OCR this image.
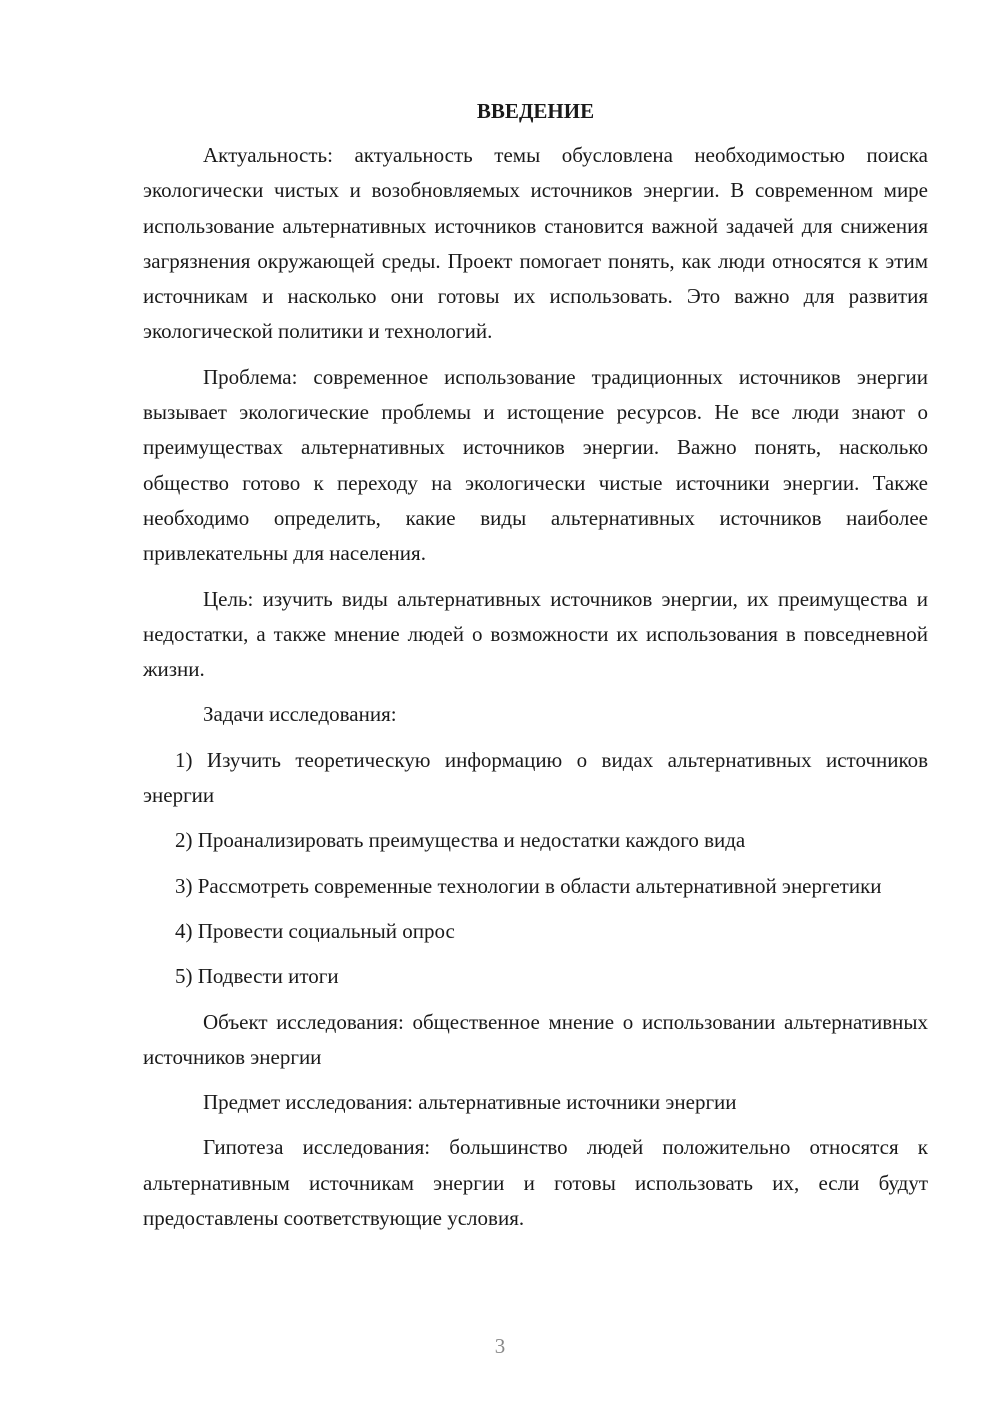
ВВЕДЕНИЕ

Актуальность: актуальность темы обусловлена необходимостью поиска экологически чистых и возобновляемых источников энергии. В современном мире использование альтернативных источников становится важной задачей для снижения загрязнения окружающей среды. Проект помогает понять, как люди относятся к этим источникам и насколько они готовы их использовать. Это важно для развития экологической политики и технологий.

Проблема: современное использование традиционных источников энергии вызывает экологические проблемы и истощение ресурсов. Не все люди знают о преимуществах альтернативных источников энергии. Важно понять, насколько общество готово к переходу на экологически чистые источники энергии. Также необходимо определить, какие виды альтернативных источников наиболее привлекательны для населения.

Цель: изучить виды альтернативных источников энергии, их преимущества и недостатки, а также мнение людей о возможности их использования в повседневной жизни.

Задачи исследования:

1) Изучить теоретическую информацию о видах альтернативных источников энергии

2) Проанализировать преимущества и недостатки каждого вида

3) Рассмотреть современные технологии в области альтернативной энергетики

4) Провести социальный опрос

5) Подвести итоги

Объект исследования: общественное мнение о использовании альтернативных источников энергии

Предмет исследования: альтернативные источники энергии

Гипотеза исследования: большинство людей положительно относятся к альтернативным источникам энергии и готовы использовать их, если будут предоставлены соответствующие условия.

3
